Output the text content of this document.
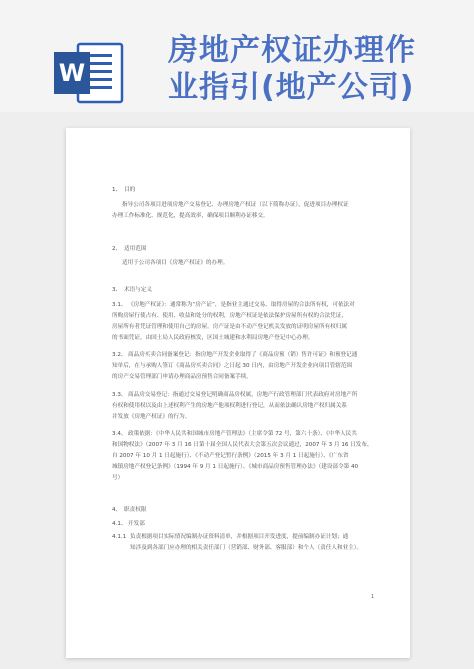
W
房地产权证办理作
业指引(地产公司)
1、 目的
指导公司各项目进项房地产交易登记、办理房地产权证（以下简称办证），促进项目办理权证
办理工作标准化、规范化，提高效率，确保项目顺利办证移交。
2、 适用范围
适用于公司各项目《房地产权证》的办理。
3、 术语与定义
3.1、 《房地产权证》：通常称为“房产证”，是指业主通过交易、取得房屋的合法所有权，可依法对
所购房屋行使占有、使用、收益和处分的权利，房地产权证是依法保护房屋所有权的合法凭证，
房屋所有者凭证管理和使用自己的房屋。房产证是由不动产登记机关发放的证明房屋所有权归属
的书面凭证，由国土局人民政府核发，区国土城建和水利局房地产登记中心办理。
3.2、 商品房买卖合同备案登记：指房地产开发企业取得了《商品房预（销）售许可证》和预登记通
知单后，在与承购人签订《商品房买卖合同》之日起 30 日内，由房地产开发企业向项目管辖范围
的房产交易管理部门申请办理商品房预售合同备案手续。
3.3、 商品房交易登记：指通过交易登记明确商品房权属，房地产行政管理部门代表政府对房地产所
有权和使用权以及由上述权利产生的房地产他项权利进行登记，从而依法确认房地产权归属关系
并发放《房地产权证》的行为。
3.4、 政策依据：《中华人民共和国城市房地产管理法》（主席令第 72 号，第六十条）、《中华人民共
和国物权法》（2007 年 3 月 16 日第十届全国人民代表大会第五次会议通过，2007 年 3 月 16 日发布，
自 2007 年 10 月 1 日起施行）、《不动产登记暂行条例》（2015 年 3 月 1 日起施行）、《广东省
城镇房地产权登记条例》（1994 年 9 月 1 日起施行）、《城市商品房预售管理办法》（建设部令第 40
号）
4、 职责权限
4.1、 开发部
4.1.1 负责根据项目实际情况编制办证资料清单，并根据项目开发进度，提前编制办证计划；通
知涉及到各部门应办理的相关责任部门（营销部、财务部、客服部）和个人（责任人和业主）。
1
